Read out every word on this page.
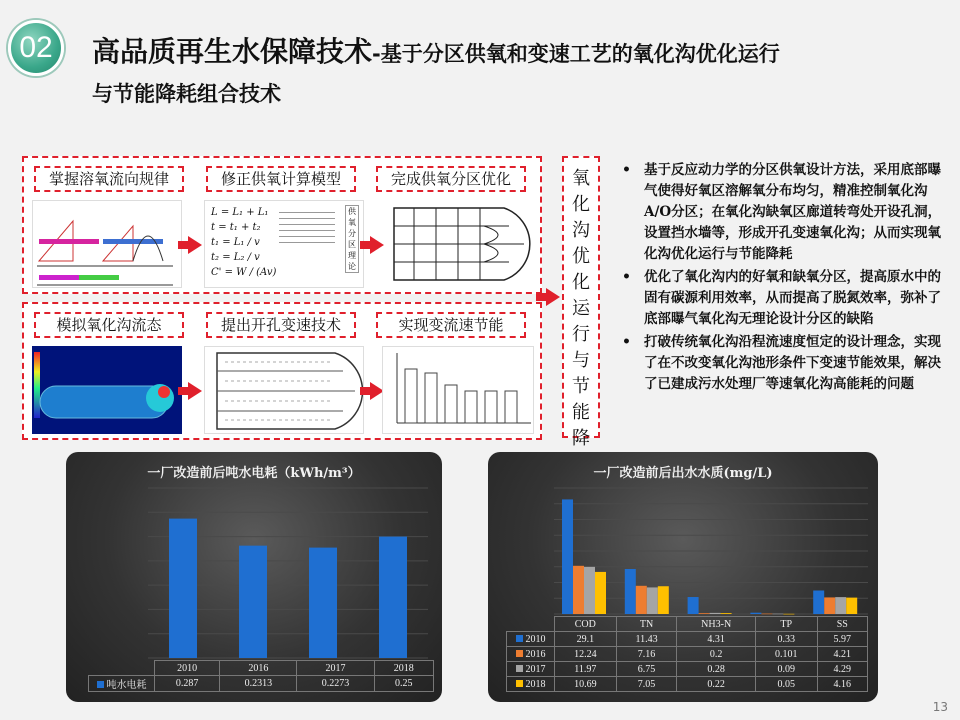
02	高品质再生水保障技术-基于分区供氧和变速工艺的氧化沟优化运行
与节能降耗组合技术
掌握溶氧流向规律	修正供氧计算模型	完成供氧分区优化
L = L₁ + L₁
t = t₁ + t₂
t₁ = L₁ / v
t₂ = L₂ / v
C' = W / (Av)
供
氧
分
区
理
论
模拟氧化沟流态	提出开孔变速技术	实现变流速节能
氧
化
沟
优
化
运
行
与
节
能
降
• 基于反应动力学的分区供氧设计方法，采用底部曝气使得好氧区溶解氧分布均匀，精准控制氧化沟A/O分区；在氧化沟缺氧区廊道转弯处开设孔洞，设置挡水墙等，形成开孔变速氧化沟；从而实现氧化沟优化运行与节能降耗
• 优化了氧化沟内的好氧和缺氧分区，提高原水中的固有碳源利用效率，从而提高了脱氮效率，弥补了底部曝气氧化沟无理论设计分区的缺陷
• 打破传统氧化沟沿程流速度恒定的设计理念，实现了在不改变氧化沟池形条件下变速节能效果，解决了已建成污水处理厂等速氧化沟高能耗的问题
一厂改造前后吨水电耗（kWh/m³）
	2010	2016	2017	2018
吨水电耗	0.287	0.2313	0.2273	0.25
一厂改造前后出水水质(mg/L)
	COD	TN	NH3-N	TP	SS
2010	29.1	11.43	4.31	0.33	5.97
2016	12.24	7.16	0.2	0.101	4.21
2017	11.97	6.75	0.28	0.09	4.29
2018	10.69	7.05	0.22	0.05	4.16
13
